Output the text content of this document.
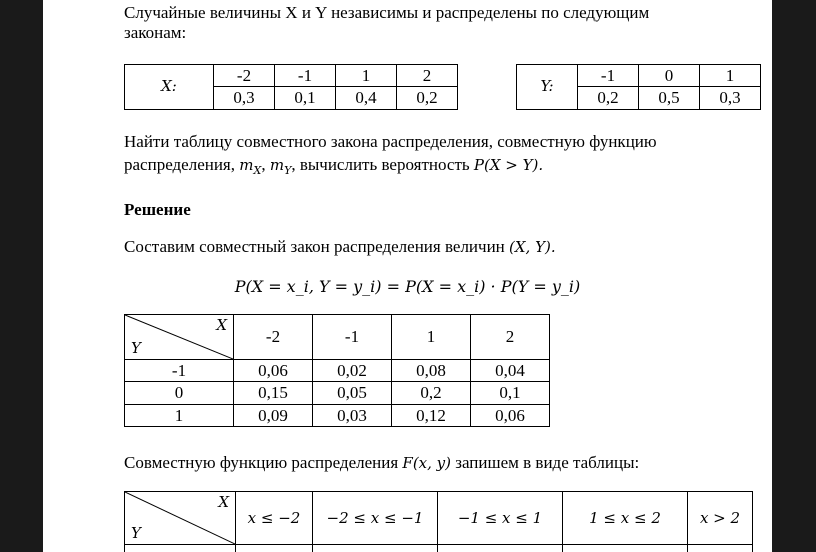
Случайные величины X и Y независимы и распределены по следующим

законам:

X:	-2	-1	1	2
	0,3	0,1	0,4	0,2
Y:	-1	0	1
	0,2	0,5	0,3

Найти таблицу совместного закона распределения, совместную функцию

распределения, $m_X$, $m_Y$, вычислить вероятность P(X > Y).

Решение

Составим совместный закон распределения величин (X, Y).

P(X = x_i, Y = y_i) = P(X = x_i) · P(Y = y_i)
X
Y	-2	-1	1	2
-1	0,06	0,02	0,08	0,04
0	0,15	0,05	0,2	0,1
1	0,09	0,03	0,12	0,06

Совместную функцию распределения F(x, y) запишем в виде таблицы:

X
Y	x ≤ −2	−2 ≤ x ≤ −1	−1 ≤ x ≤ 1	1 ≤ x ≤ 2	x > 2
